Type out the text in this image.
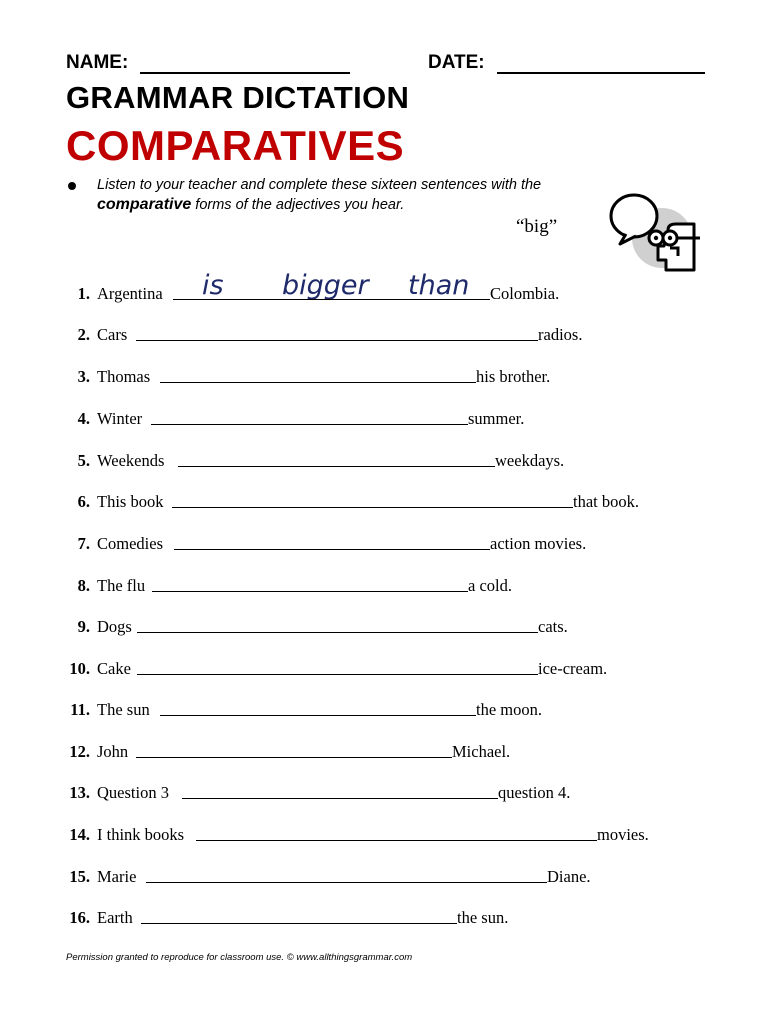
NAME:	DATE:
GRAMMAR DICTATION
COMPARATIVES
Listen to your teacher and complete these sixteen sentences with the comparative forms of the adjectives you hear.
“big”
is bigger than
1. Argentina	Colombia.
2. Cars	radios.
3. Thomas	his brother.
4. Winter	summer.
5. Weekends	weekdays.
6. This book	that book.
7. Comedies	action movies.
8. The flu	a cold.
9. Dogs	cats.
10. Cake	ice-cream.
11. The sun	the moon.
12. John	Michael.
13. Question 3	question 4.
14. I think books	movies.
15. Marie	Diane.
16. Earth	the sun.
Permission granted to reproduce for classroom use. © www.allthingsgrammar.com
